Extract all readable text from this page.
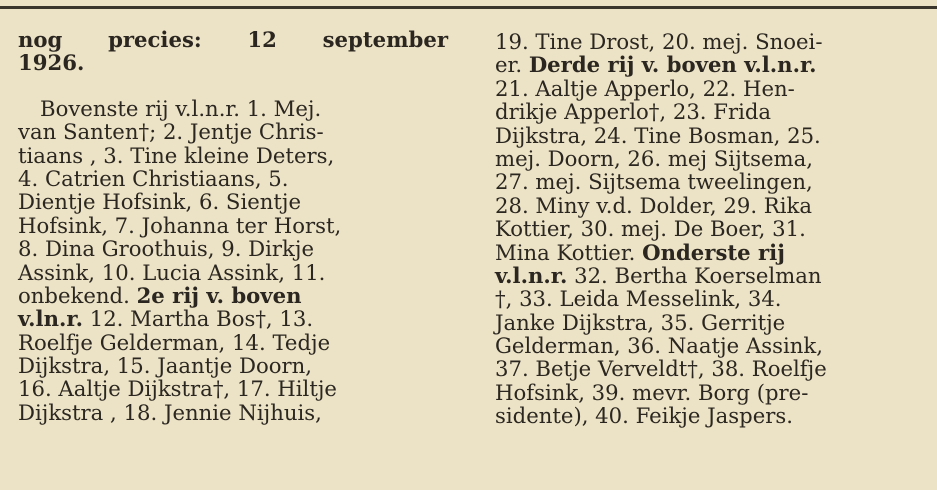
nog precies: 12 september
1926.
Bovenste rij v.l.n.r. 1. Mej.
van Santen†; 2. Jentje Chris-
tiaans , 3. Tine kleine Deters,
4. Catrien Christiaans, 5.
Dientje Hofsink, 6. Sientje
Hofsink, 7. Johanna ter Horst,
8. Dina Groothuis, 9. Dirkje
Assink, 10. Lucia Assink, 11.
onbekend. 2e rij v. boven
v.ln.r. 12. Martha Bos†, 13.
Roelfje Gelderman, 14. Tedje
Dijkstra, 15. Jaantje Doorn,
16. Aaltje Dijkstra†, 17. Hiltje
Dijkstra , 18. Jennie Nijhuis,
19. Tine Drost, 20. mej. Snoei-
er. Derde rij v. boven v.l.n.r.
21. Aaltje Apperlo, 22. Hen-
drikje Apperlo†, 23. Frida
Dijkstra, 24. Tine Bosman, 25.
mej. Doorn, 26. mej Sijtsema,
27. mej. Sijtsema tweelingen,
28. Miny v.d. Dolder, 29. Rika
Kottier, 30. mej. De Boer, 31.
Mina Kottier. Onderste rij
v.l.n.r. 32. Bertha Koerselman
†, 33. Leida Messelink, 34.
Janke Dijkstra, 35. Gerritje
Gelderman, 36. Naatje Assink,
37. Betje Verveldt†, 38. Roelfje
Hofsink, 39. mevr. Borg (pre-
sidente), 40. Feikje Jaspers.
